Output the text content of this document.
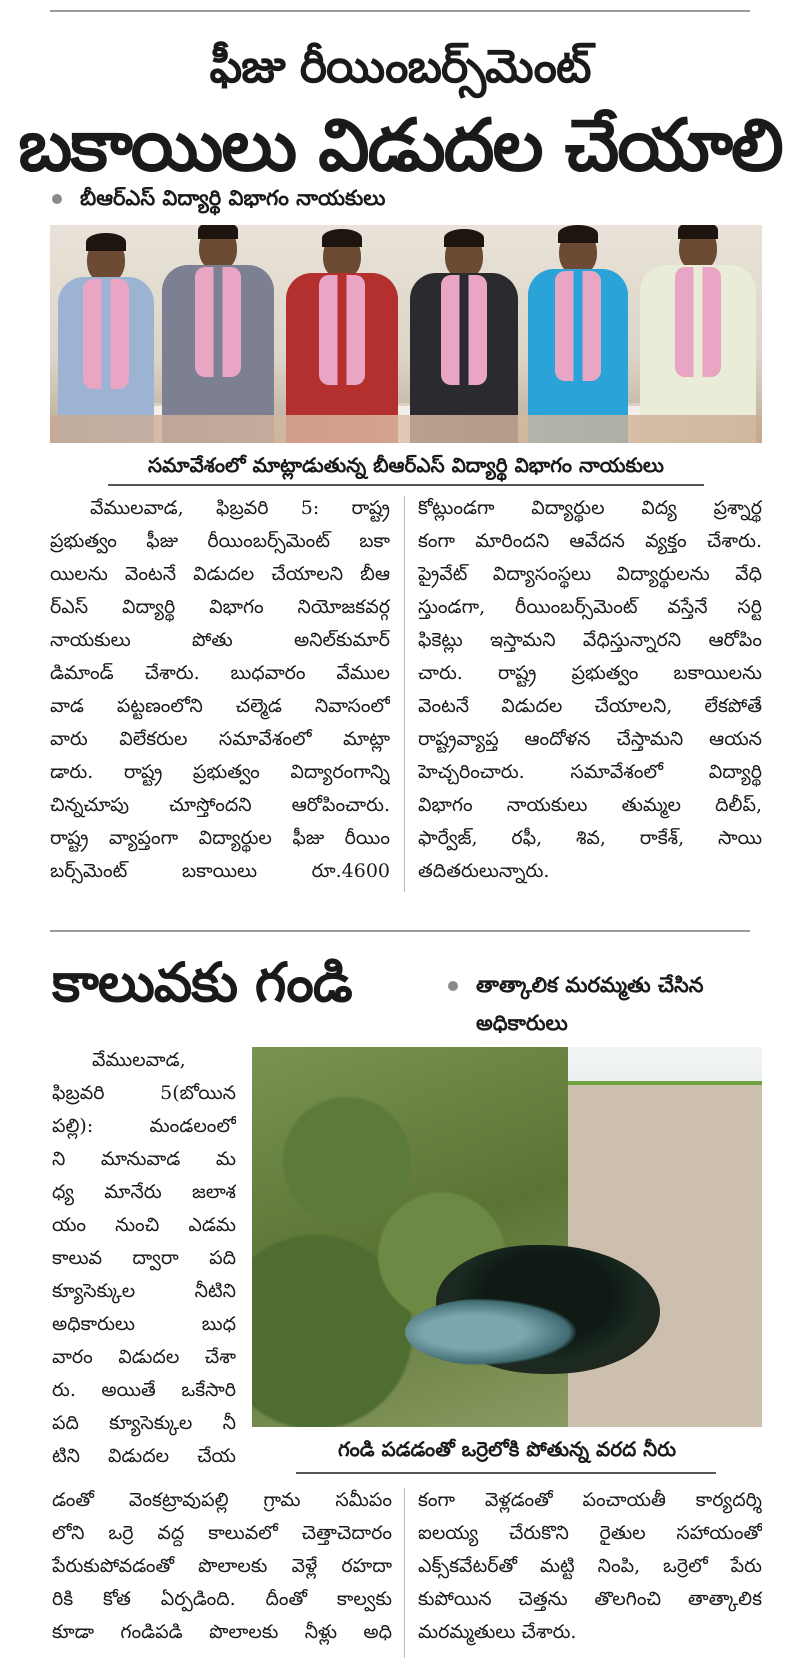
ఫీజు రీయింబర్స్‌మెంట్
బకాయిలు విడుదల చేయాలి
బీఆర్ఎస్ విద్యార్థి విభాగం నాయకులు
సమావేశంలో మాట్లాడుతున్న బీఆర్ఎస్ విద్యార్థి విభాగం నాయకులు

వేములవాడ, ఫిబ్రవరి 5: రాష్ట్ర

ప్రభుత్వం ఫీజు రీయింబర్స్‌మెంట్ బకా

యిలను వెంటనే విడుదల చేయాలని బీఆ

ర్ఎస్ విద్యార్థి విభాగం నియోజకవర్గ

నాయకులు పోతు అనిల్‌కుమార్

డిమాండ్ చేశారు. బుధవారం వేముల

వాడ పట్టణంలోని చల్మెడ నివాసంలో

వారు విలేకరుల సమావేశంలో మాట్లా

డారు. రాష్ట్ర ప్రభుత్వం విద్యారంగాన్ని

చిన్నచూపు చూస్తోందని ఆరోపించారు.

రాష్ట్ర వ్యాప్తంగా విద్యార్థుల ఫీజు రీయిం

బర్స్‌మెంట్ బకాయిలు రూ.4600

కోట్లుండగా విద్యార్థుల విద్య ప్రశ్నార్థ

కంగా మారిందని ఆవేదన వ్యక్తం చేశారు.

ప్రైవేట్ విద్యాసంస్థలు విద్యార్థులను వేధి

స్తుండగా, రీయింబర్స్‌మెంట్ వస్తేనే సర్టి

ఫికెట్లు ఇస్తామని వేధిస్తున్నారని ఆరోపిం

చారు. రాష్ట్ర ప్రభుత్వం బకాయిలను

వెంటనే విడుదల చేయాలని, లేకపోతే

రాష్ట్రవ్యాప్త ఆందోళన చేస్తామని ఆయన

హెచ్చరించారు. సమావేశంలో విద్యార్థి

విభాగం నాయకులు తుమ్మల దిలీప్,

ఫార్వేజ్, రఫీ, శివ, రాకేశ్, సాయి

తదితరులున్నారు.

కాలువకు గండి	తాత్కాలిక మరమ్మతు చేసిన
అధికారులు

వేములవాడ,

ఫిబ్రవరి 5(బోయిన

పల్లి): మండలంలో

ని మానువాడ మ

ధ్య మానేరు జలాశ

యం నుంచి ఎడమ

కాలువ ద్వారా పది

క్యూసెక్కుల నీటిని

అధికారులు బుధ

వారం విడుదల చేశా

రు. అయితే ఒకేసారి

పది క్యూసెక్కుల నీ

టిని విడుదల చేయ	గండి పడడంతో ఒర్రెలోకి పోతున్న వరద నీరు

డంతో వెంకట్రావుపల్లి గ్రామ సమీపం

లోని ఒర్రె వద్ద కాలువలో చెత్తాచెదారం

పేరుకుపోవడంతో పొలాలకు వెళ్లే రహదా

రికి కోత ఏర్పడింది. దీంతో కాల్వకు

కూడా గండిపడి పొలాలకు నీళ్లు అధి

కంగా వెళ్లడంతో పంచాయతీ కార్యదర్శి

ఐలయ్య చేరుకొని రైతుల సహాయంతో

ఎక్స్‌కవేటర్‌తో మట్టి నింపి, ఒర్రెలో పేరు

కుపోయిన చెత్తను తొలగించి తాత్కాలిక

మరమ్మతులు చేశారు.
